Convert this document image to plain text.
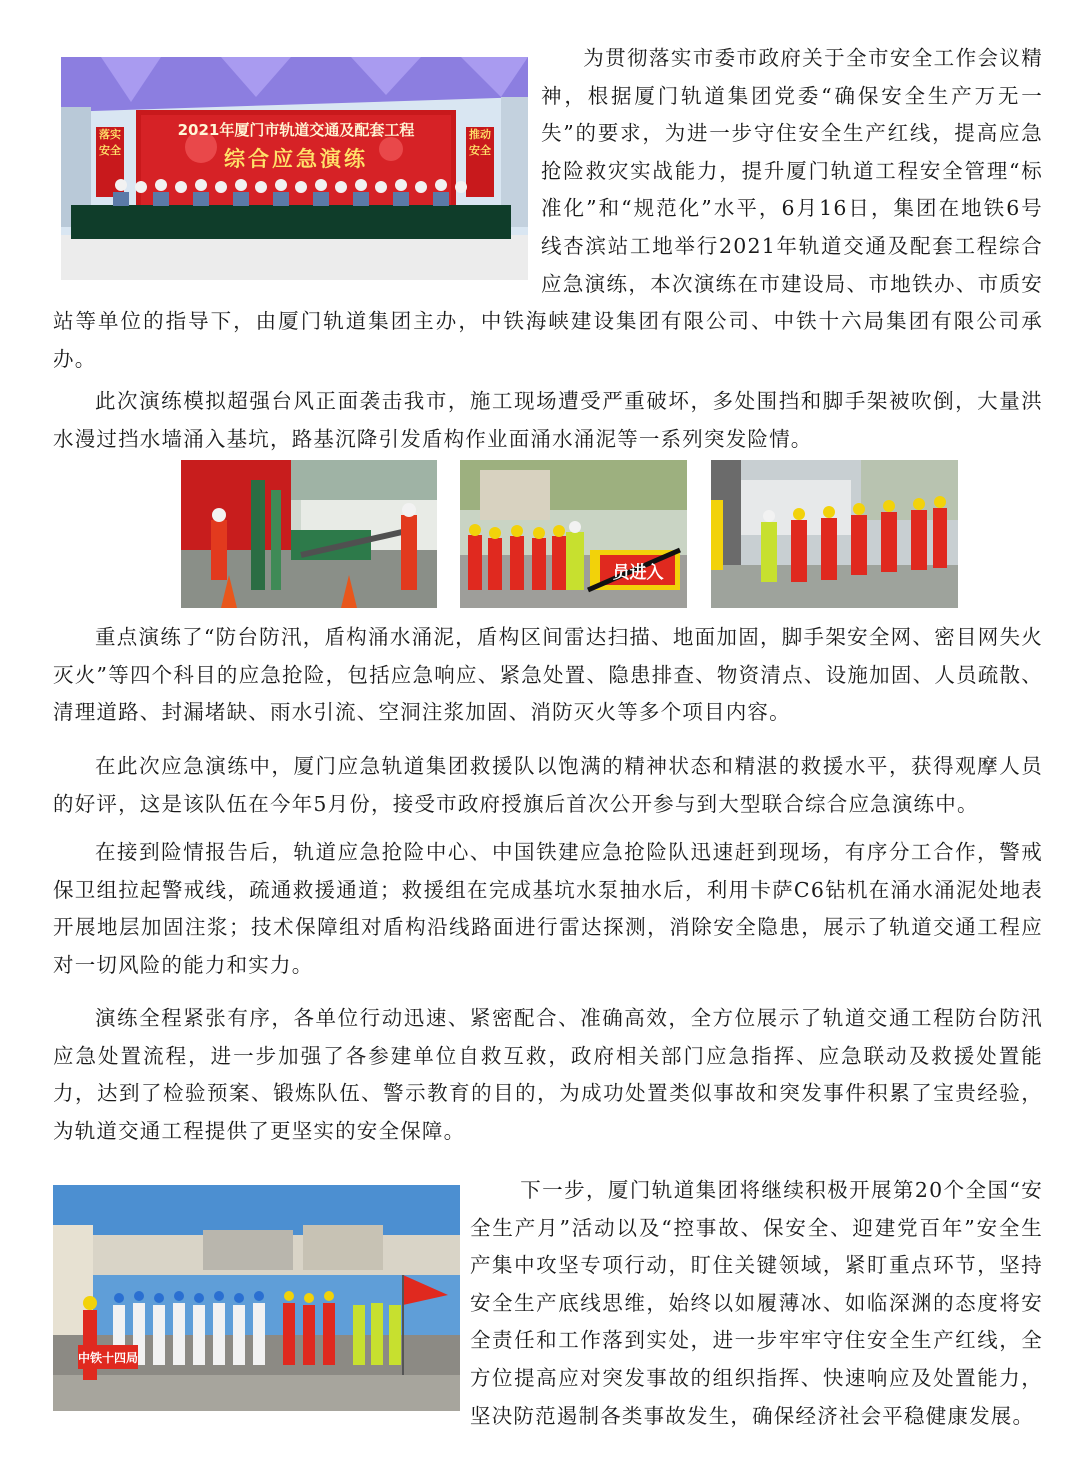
2021年厦门市轨道交通及配套工程
综合应急演练
落实安全
推动安全

为贯彻落实市委市政府关于全市安全工作会议精神，根据厦门轨道集团党委“确保安全生产万无一失”的要求，为进一步守住安全生产红线，提高应急抢险救灾实战能力，提升厦门轨道工程安全管理“标准化”和“规范化”水平，6月16日，集团在地铁6号线杏滨站工地举行2021年轨道交通及配套工程综合应急演练，本次演练在市建设局、市地铁办、市质安站等单位的指导下，由厦门轨道集团主办，中铁海峡建设集团有限公司、中铁十六局集团有限公司承办。

此次演练模拟超强台风正面袭击我市，施工现场遭受严重破坏，多处围挡和脚手架被吹倒，大量洪水漫过挡水墙涌入基坑，路基沉降引发盾构作业面涌水涌泥等一系列突发险情。

员进入

重点演练了“防台防汛，盾构涌水涌泥，盾构区间雷达扫描、地面加固，脚手架安全网、密目网失火灭火”等四个科目的应急抢险，包括应急响应、紧急处置、隐患排查、物资清点、设施加固、人员疏散、清理道路、封漏堵缺、雨水引流、空洞注浆加固、消防灭火等多个项目内容。

在此次应急演练中，厦门应急轨道集团救援队以饱满的精神状态和精湛的救援水平，获得观摩人员的好评，这是该队伍在今年5月份，接受市政府授旗后首次公开参与到大型联合综合应急演练中。

在接到险情报告后，轨道应急抢险中心、中国铁建应急抢险队迅速赶到现场，有序分工合作，警戒保卫组拉起警戒线，疏通救援通道；救援组在完成基坑水泵抽水后，利用卡萨C6钻机在涌水涌泥处地表开展地层加固注浆；技术保障组对盾构沿线路面进行雷达探测，消除安全隐患，展示了轨道交通工程应对一切风险的能力和实力。

演练全程紧张有序，各单位行动迅速、紧密配合、准确高效，全方位展示了轨道交通工程防台防汛应急处置流程，进一步加强了各参建单位自救互救，政府相关部门应急指挥、应急联动及救援处置能力，达到了检验预案、锻炼队伍、警示教育的目的，为成功处置类似事故和突发事件积累了宝贵经验，为轨道交通工程提供了更坚实的安全保障。

中铁十四局

下一步，厦门轨道集团将继续积极开展第20个全国“安全生产月”活动以及“控事故、保安全、迎建党百年”安全生产集中攻坚专项行动，盯住关键领域，紧盯重点环节，坚持安全生产底线思维，始终以如履薄冰、如临深渊的态度将安全责任和工作落到实处，进一步牢牢守住安全生产红线，全方位提高应对突发事故的组织指挥、快速响应及处置能力，坚决防范遏制各类事故发生，确保经济社会平稳健康发展。
